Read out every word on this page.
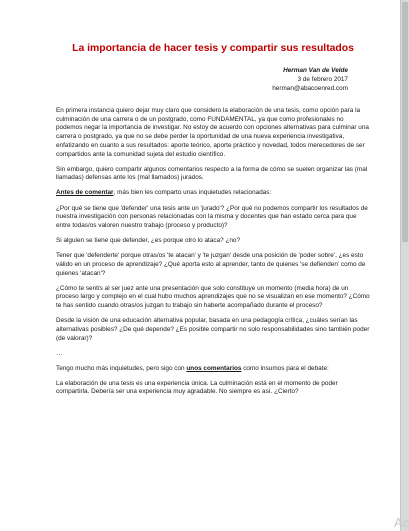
La importancia de hacer tesis y compartir sus resultados
Herman Van de Velde
3 de febrero 2017
herman@abacoenred.com
En primera instancia quiero dejar muy claro que considero la elaboración de una tesis, como opción para la culminación de una carrera o de un postgrado, como FUNDAMENTAL, ya que como profesionales no podemos negar la importancia de investigar. No estoy de acuerdo con opciones alternativas para culminar una carrera o postgrado, ya que no se debe perder la oportunidad de una nueva experiencia investigativa, enfatizando en cuanto a sus resultados: aporte teórico, aporte práctico y novedad, todos merecedores de ser compartidos ante la comunidad sujeta del estudio científico.
Sin embargo, quiero compartir algunos comentarios respecto a la forma de cómo se suelen organizar las (mal llamadas) defensas ante los (mal llamados) jurados.
Antes de comentar, más bien les comparto unas inquietudes relacionadas:
¿Por qué se tiene que 'defender' una tesis ante un 'jurado'? ¿Por qué no podemos compartir los resultados de nuestra investigación con personas relacionadas con la misma y docentes que han estado cerca para que entre todas/os valoren nuestro trabajo (proceso y producto)?
Si alguien se tiene que defender, ¿es porque otro lo ataca? ¿no?
Tener que 'defenderte' porque otras/os 'te atacan' y 'te juzgan' desde una posición de 'poder sobre', ¿es esto válido en un proceso de aprendizaje? ¿Qué aporta esto al aprender, tanto de quienes 'se defienden' como de quienes 'atacan'?
¿Cómo te sentís al ser juez ante una presentación que solo constituye un momento (media hora) de un proceso largo y complejo en el cual hubo muchos aprendizajes que no se visualizan en ese momento? ¿Cómo te has sentido cuando otras/os juzgan tu trabajo sin haberte acompañado durante el proceso?
Desde la visión de una educación alternativa popular, basada en una pedagogía crítica, ¿cuáles serían las alternativas posibles? ¿De qué depende? ¿Es posible compartir no solo responsabilidades sino también poder (de valorar)?
…
Tengo mucho más inquietudes, pero sigo con unos comentarios como insumos para el debate:
La elaboración de una tesis es una experiencia única. La culminación está en el momento de poder compartirla. Debería ser una experiencia muy agradable. No siempre es así. ¿Cierto?
Ac
